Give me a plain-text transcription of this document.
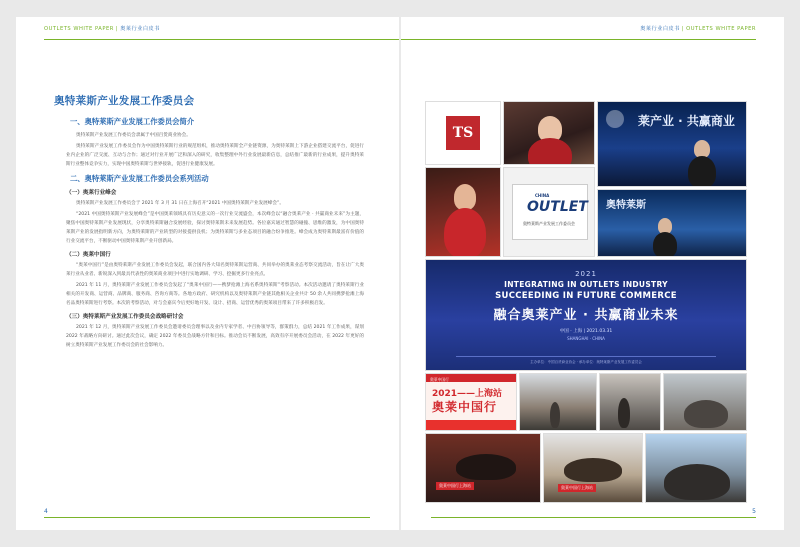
OUTLETS WHITE PAPER | 奥莱行业白皮书
奥特莱斯产业发展工作委员会
一、奥特莱斯产业发展工作委员会简介

奥特莱斯产业发展工作委员会隶属于中国百货商业协会。

奥特莱斯产业发展工作委员会作为中国奥特莱斯行业的规范组织，推动奥特莱斯全产业链资源，为奥特莱斯上下游企业搭建交流平台，促进行业内企业的广泛交流、互动与合作；通过对行业开展广泛和深入的研究，收集整理中外行业发展最新信息，总结推广最新的行业成果，提升奥特莱斯行业整体竞争实力，实现中国奥特莱斯与世界接轨，促进行业健康发展。

二、奥特莱斯产业发展工作委员会系列活动
（一）奥莱行业峰会

奥特莱斯产业发展工作委员会于 2021 年 3 月 31 日在上海召开“2021 中国奥特莱斯产业发展峰会”。

“2021 中国奥特莱斯产业发展峰会”是中国奥莱领域具有历史意义的一次行业交流盛会，本次峰会以“融合奥莱产业 · 共赢商业未来”为主题，聚焦中国奥特莱斯产业发展现状，分享奥特莱斯融合发展经验，探讨奥特莱斯未来发展趋势。各位嘉宾通过智慧的碰撞、思维的激发，为中国奥特莱斯产业的发展指明新方向，为奥特莱斯的产业转型的对接提供良机；为奥特莱斯与多业态项目的融合纷争推进。峰会成为奥特莱斯最富有价值的行业交流平台，不断驱动中国奥特莱斯产业开创新局。

（二）奥莱中国行

“奥莱中国行”是由奥特莱斯产业发展工作委员会发起，联合国内各大知名奥特莱斯运营商、共同举办的奥莱业态考察交流活动，旨在让广大奥莱行业从业者、新锐深入到最具代表性的奥莱商业项目中进行实地调研、学习、挖掘更多行业亮点。

2021 年 11 月，奥特莱斯产业发展工作委员会发起了“奥莱中国行——携梦抢滩上海名系奥特莱斯”考察活动。本次活动邀请了奥特莱斯行业相关的开发商、运营商、品牌商、服务商、咨询方商等。各地方政府、研究机构以及奥特莱斯产业链其他相关企业共计 50 余人共同携梦抢滩上海名品奥特莱斯进行考察。本次的考察活动，对与会嘉宾今后更好地开发、设计、招商、运营优秀的奥莱项目带来了许多积极启发。

（三）奥特莱斯产业发展工作委员会战略研讨会

2021 年 12 月，奥特莱斯产业发展工作委员会邀请委员会理事以及业内专家学者、中百协领导等，群策群力，总结 2021 年工作成果，谋划 2022 年战略方向研讨。通过此次会议，确定 2022 年委员会战略方针和目标。推动会员不断发展，高效有序开展委员会活动，在 2022 年更好的树立奥特莱斯产业发展工作委员会的社会影响力。

4
奥莱行业白皮书 | OUTLETS WHITE PAPER
TS
莱产业 · 共赢商业
CHINA
OUTLET
奥特莱斯产业发展工作委员会
奥特莱斯
2021
INTEGRATING IN OUTLETS INDUSTRY
SUCCEEDING IN FUTURE COMMERCE
融合奥莱产业 · 共赢商业未来
中国 · 上海 | 2021.03.31
SHANGHAI · CHINA
主办单位：中国百货商业协会 · 承办单位：奥特莱斯产业发展工作委员会
奥莱中国行
2021——上海站
奥莱中国行
奥莱中国行上海站	奥莱中国行上海站
5
